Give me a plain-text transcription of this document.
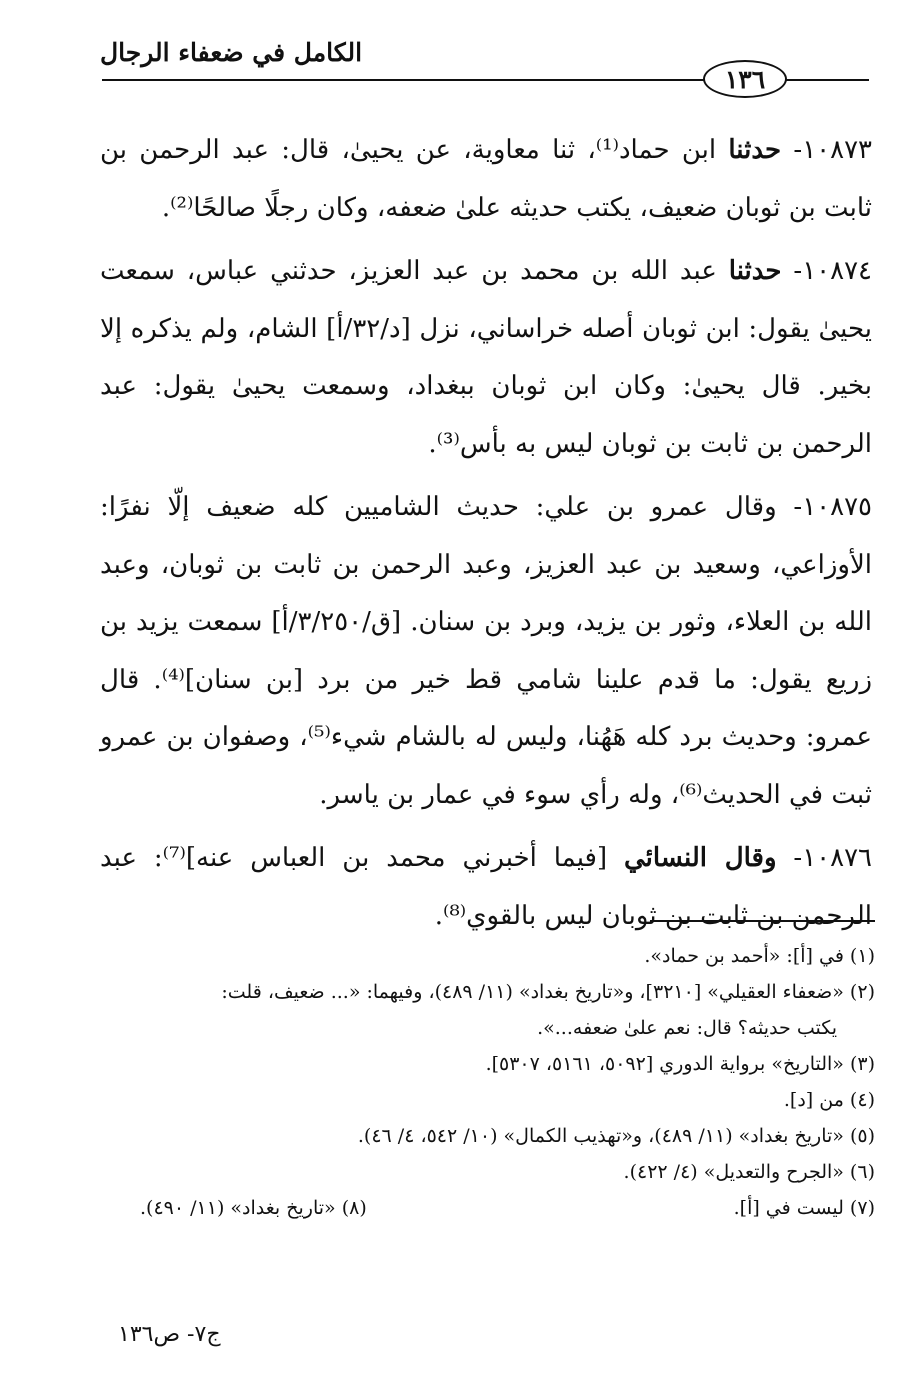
الكامل في ضعفاء الرجال
١٣٦

١٠٨٧٣- حدثنا ابن حماد⁽¹⁾، ثنا معاوية، عن يحيىٰ، قال: عبد الرحمن بن ثابت بن ثوبان ضعيف، يكتب حديثه علىٰ ضعفه، وكان رجلًا صالحًا⁽²⁾.

١٠٨٧٤- حدثنا عبد الله بن محمد بن عبد العزيز، حدثني عباس، سمعت يحيىٰ يقول: ابن ثوبان أصله خراساني، نزل [د/٣٢/أ] الشام، ولم يذكره إلا بخير. قال يحيىٰ: وكان ابن ثوبان ببغداد، وسمعت يحيىٰ يقول: عبد الرحمن بن ثابت بن ثوبان ليس به بأس⁽³⁾.

١٠٨٧٥- وقال عمرو بن علي: حديث الشاميين كله ضعيف إلّا نفرًا: الأوزاعي، وسعيد بن عبد العزيز، وعبد الرحمن بن ثابت بن ثوبان، وعبد الله بن العلاء، وثور بن يزيد، وبرد بن سنان. [ق/٣/٢٥٠/أ] سمعت يزيد بن زريع يقول: ما قدم علينا شامي قط خير من برد [بن سنان]⁽⁴⁾. قال عمرو: وحديث برد كله هَهُنا، وليس له بالشام شيء⁽⁵⁾، وصفوان بن عمرو ثبت في الحديث⁽⁶⁾، وله رأي سوء في عمار بن ياسر.

١٠٨٧٦- وقال النسائي [فيما أخبرني محمد بن العباس عنه]⁽⁷⁾: عبد الرحمن بن ثابت بن ثوبان ليس بالقوي⁽⁸⁾.

(١) في [أ]: «أحمد بن حماد».

(٢) «ضعفاء العقيلي» [٣٢١٠]، و«تاريخ بغداد» (١١/ ٤٨٩)، وفيهما: «... ضعيف، قلت:

يكتب حديثه؟ قال: نعم علىٰ ضعفه...».

(٣) «التاريخ» برواية الدوري [٥٠٩٢، ٥١٦١، ٥٣٠٧].

(٤) من [د].

(٥) «تاريخ بغداد» (١١/ ٤٨٩)، و«تهذيب الكمال» (١٠/ ٥٤٢، ٤/ ٤٦).

(٦) «الجرح والتعديل» (٤/ ٤٢٢).

(٧) ليست في [أ].
(٨) «تاريخ بغداد» (١١/ ٤٩٠).
ج٧- ص١٣٦
